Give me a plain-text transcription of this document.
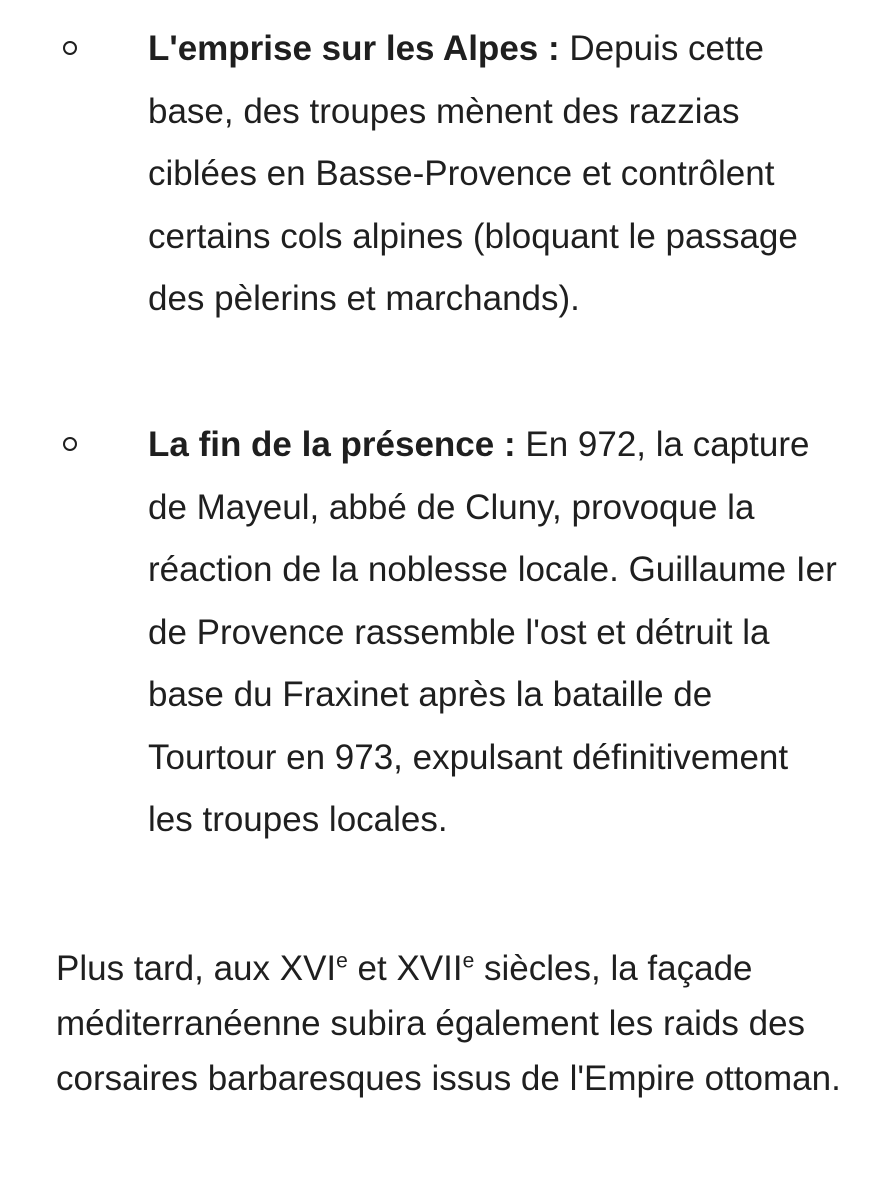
L'emprise sur les Alpes : Depuis cette base, des troupes mènent des razzias ciblées en Basse-Provence et contrôlent certains cols alpines (bloquant le passage des pèlerins et marchands).

La fin de la présence : En 972, la capture de Mayeul, abbé de Cluny, provoque la réaction de la noblesse locale. Guillaume Ier de Provence rassemble l'ost et détruit la base du Fraxinet après la bataille de Tourtour en 973, expulsant définitivement les troupes locales.

Plus tard, aux XVIe et XVIIe siècles, la façade méditerranéenne subira également les raids des corsaires barbaresques issus de l'Empire ottoman.
